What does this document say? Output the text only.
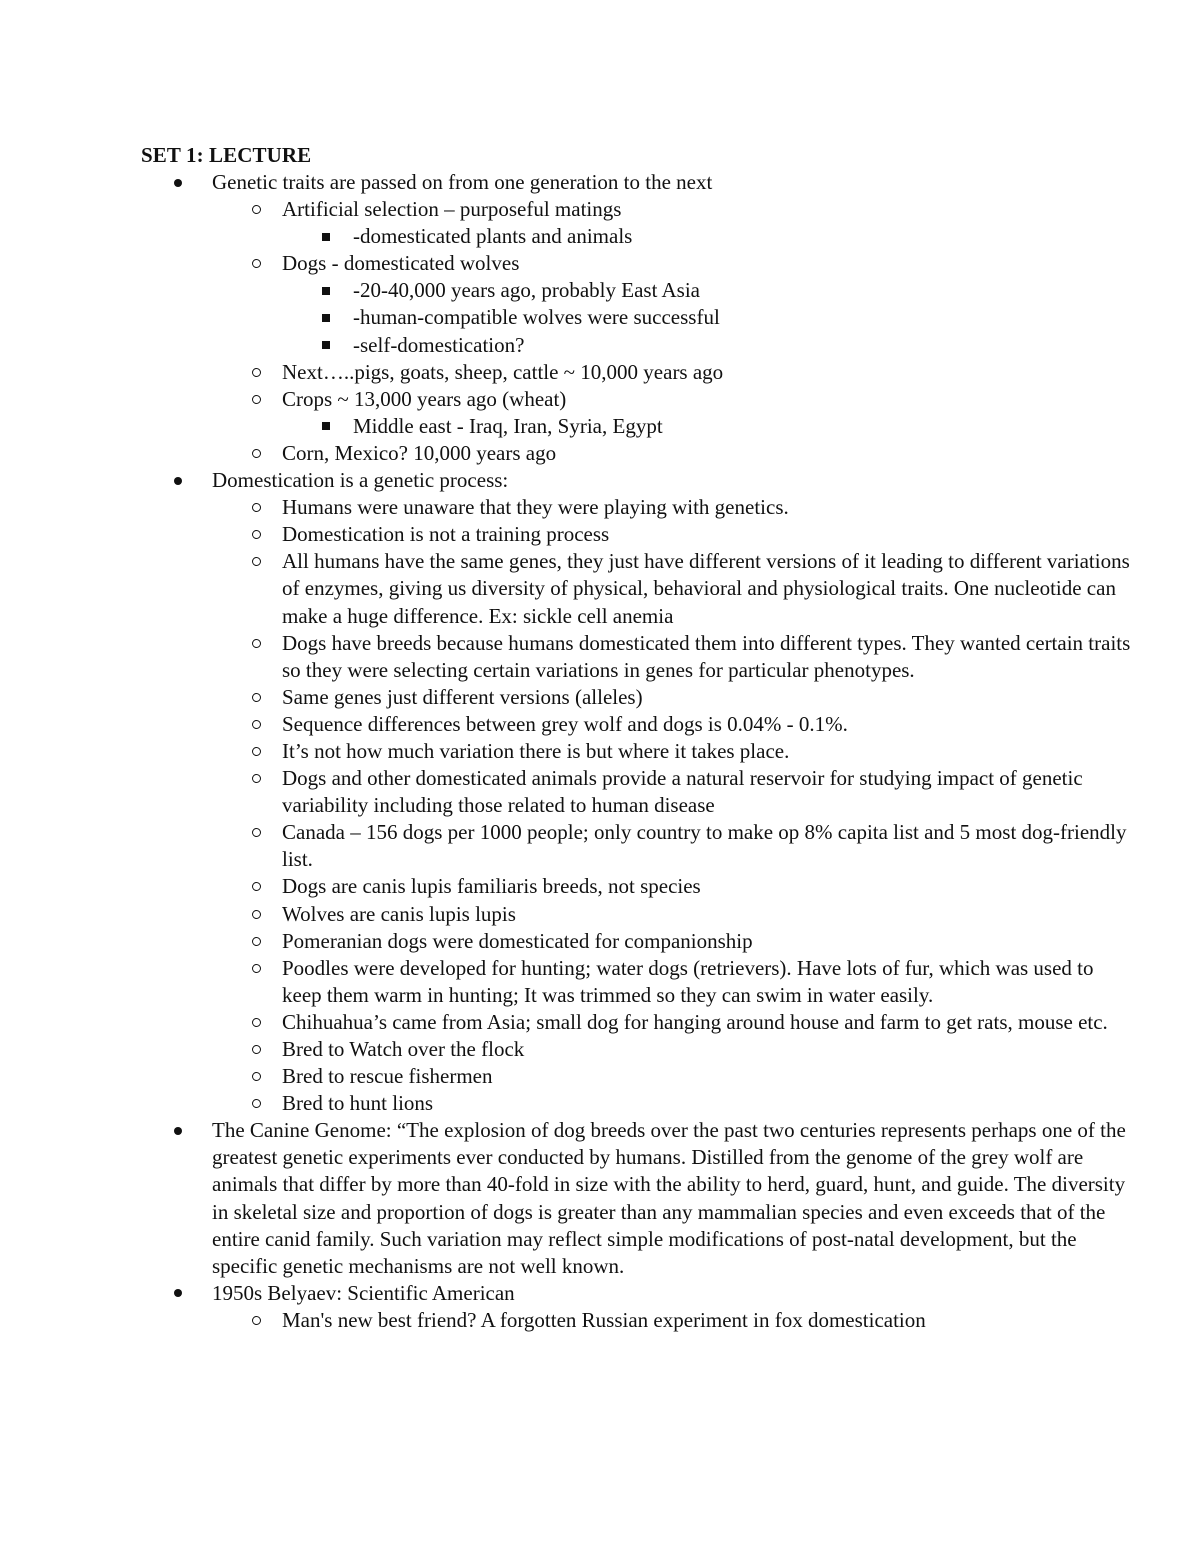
SET 1: LECTURE
Genetic traits are passed on from one generation to the next
Artificial selection – purposeful matings
-domesticated plants and animals
Dogs - domesticated wolves
-20-40,000 years ago, probably East Asia
-human-compatible wolves were successful
-self-domestication?
Next…..pigs, goats, sheep, cattle ~ 10,000 years ago
Crops ~ 13,000 years ago (wheat)
Middle east - Iraq, Iran, Syria, Egypt
Corn, Mexico? 10,000 years ago
Domestication is a genetic process:
Humans were unaware that they were playing with genetics.
Domestication is not a training process
All humans have the same genes, they just have different versions of it leading to different variations of enzymes, giving us diversity of physical, behavioral and physiological traits. One nucleotide can make a huge difference. Ex: sickle cell anemia
Dogs have breeds because humans domesticated them into different types. They wanted certain traits so they were selecting certain variations in genes for particular phenotypes.
Same genes just different versions (alleles)
Sequence differences between grey wolf and dogs is 0.04% - 0.1%.
It’s not how much variation there is but where it takes place.
Dogs and other domesticated animals provide a natural reservoir for studying impact of genetic variability including those related to human disease
Canada – 156 dogs per 1000 people; only country to make op 8% capita list and 5 most dog-friendly list.
Dogs are canis lupis familiaris breeds, not species
Wolves are canis lupis lupis
Pomeranian dogs were domesticated for companionship
Poodles were developed for hunting; water dogs (retrievers). Have lots of fur, which was used to keep them warm in hunting; It was trimmed so they can swim in water easily.
Chihuahua’s came from Asia; small dog for hanging around house and farm to get rats, mouse etc.
Bred to Watch over the flock
Bred to rescue fishermen
Bred to hunt lions
The Canine Genome: “The explosion of dog breeds over the past two centuries represents perhaps one of the greatest genetic experiments ever conducted by humans. Distilled from the genome of the grey wolf are animals that differ by more than 40-fold in size with the ability to herd, guard, hunt, and guide. The diversity in skeletal size and proportion of dogs is greater than any mammalian species and even exceeds that of the entire canid family. Such variation may reflect simple modifications of post-natal development, but the specific genetic mechanisms are not well known.
1950s Belyaev: Scientific American
Man's new best friend? A forgotten Russian experiment in fox domestication
